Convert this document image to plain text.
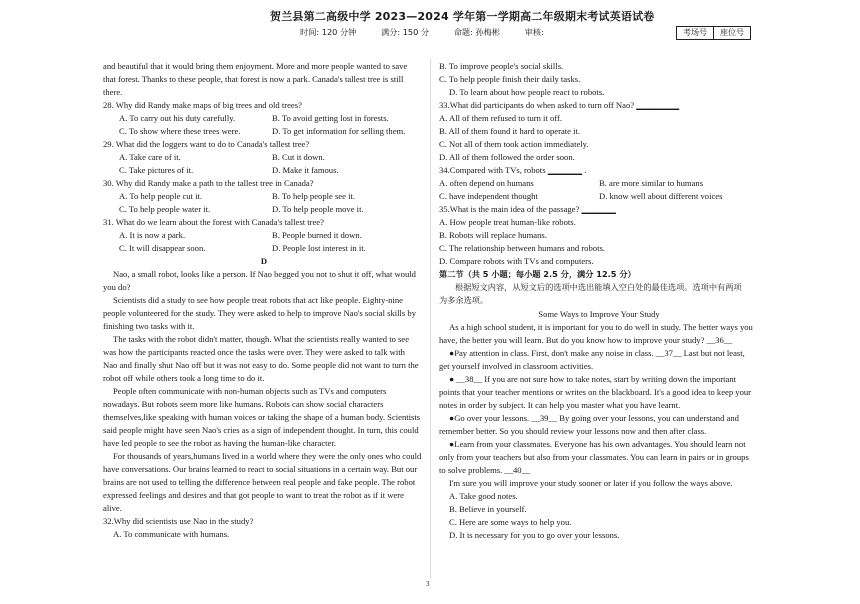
贺兰县第二高级中学 2023—2024 学年第一学期高二年级期末考试英语试卷
时间: 120 分钟	满分: 150 分	命题: 孙梅彬	审核:	考场号	座位号
and beautiful that it would bring them enjoyment. More and more people wanted to save
that forest. Thanks to these people, that forest is now a park. Canada's tallest tree is still
there.
28. Why did Randy make maps of big trees and old trees?
A. To carry out his duty carefully.	B. To avoid getting lost in forests.
C. To show where these trees were.	D. To get information for selling them.
29. What did the loggers want to do to Canada's tallest tree?
A. Take care of it.	B. Cut it down.
C. Take pictures of it.	D. Make it famous.
30. Why did Randy make a path to the tallest tree in Canada?
A. To help people cut it.	B. To help people see it.
C. To help people water it.	D. To help people move it.
31. What do we learn about the forest with Canada's tallest tree?
A. It is now a park.	B. People burned it down.
C. It will disappear soon.	D. People lost interest in it.
D
Nao, a small robot, looks like a person. If Nao begged you not to shut it off, what would
you do?
Scientists did a study to see how people treat robots that act like people. Eighty-nine
people volunteered for the study. They were asked to help to improve Nao's social skills by
finishing two tasks with it.
The tasks with the robot didn't matter, though. What the scientists really wanted to see
was how the participants reacted once the tasks were over. They were asked to talk with
Nao and finally shut Nao off but it was not easy to do. Some people did not want to turn the
robot off while others took a long time to do it.
People often communicate with non-human objects such as TVs and computers
nowadays. But robots seem more like humans. Robots can show social characters
themselves,like speaking with human voices or taking the shape of a human body. Scientists
said people might have seen Nao's cries as a sign of independent thought. In turn, this could
have led people to see the robot as having the human-like character.
For thousands of years,humans lived in a world where they were the only ones who could
have conversations. Our brains learned to react to social situations in a certain way. But our
brains are not used to telling the difference between real people and fake people. The robot
expressed feelings and desires and that got people to want to treat the robot as if it were
alive.
32.Why did scientists use Nao in the study?
A. To communicate with humans.
B. To improve people's social skills.
C. To help people finish their daily tasks.
D. To learn about how people react to robots.
33.What did participants do when asked to turn off Nao? __________
A. All of them refused to turn it off.
B. All of them found it hard to operate it.
C. Not all of them took action immediately.
D. All of them followed the order soon.
34.Compared with TVs, robots ________ .
A. often depend on humans	B. are more similar to humans
C. have independent thought	D. know well about different voices
35.What is the main idea of the passage? ________
A. How people treat human-like robots.
B. Robots will replace humans.
C. The relationship between humans and robots.
D. Compare robots with TVs and computers.
第二节（共 5 小题；每小题 2.5 分，满分 12.5 分）
根据短文内容，从短文后的选项中选出能填入空白处的最佳选项。选项中有两项
为多余选项。
Some Ways to Improve Your Study
As a high school student, it is important for you to do well in study. The better ways you
have, the better you will learn. But do you know how to improve your study? __36__
●Pay attention in class. First, don't make any noise in class. __37__ Last but not least,
get yourself involved in classroom activities.
● __38__ If you are not sure how to take notes, start by writing down the important
points that your teacher mentions or writes on the blackboard. It's a good idea to keep your
notes in order by subject. It can help you master what you have learnt.
●Go over your lessons. __39__ By going over your lessons, you can understand and
remember better. So you should review your lessons now and then after class.
●Learn from your classmates. Everyone has his own advantages. You should learn not
only from your teachers but also from your classmates. You can learn in pairs or in groups
to solve problems. __40__
I'm sure you will improve your study sooner or later if you follow the ways above.
A. Take good notes.
B. Believe in yourself.
C. Here are some ways to help you.
D. It is necessary for you to go over your lessons.
3
